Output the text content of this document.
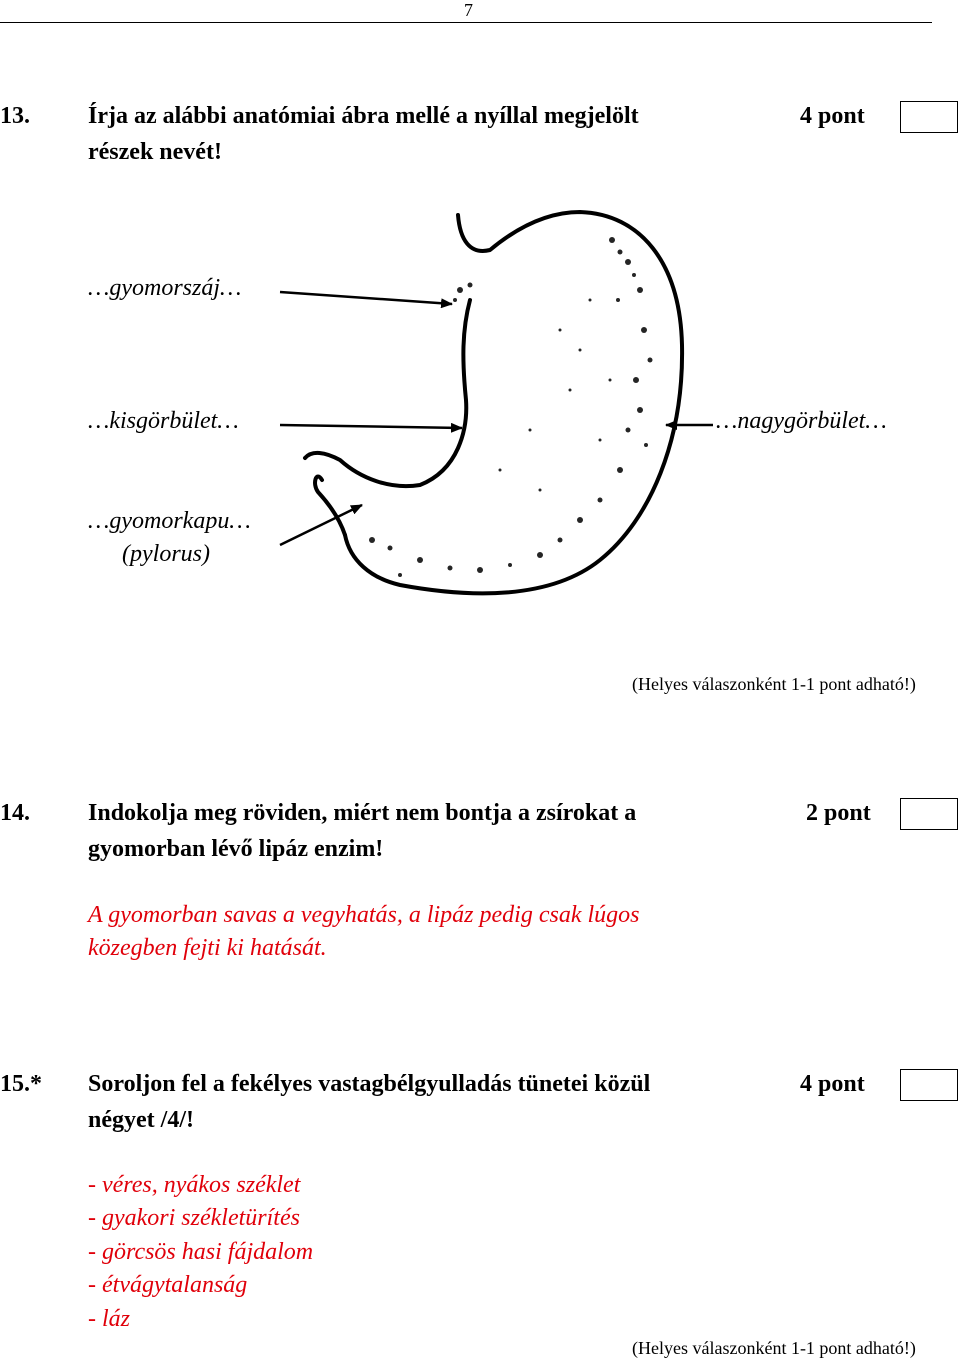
7
13. Írja az alábbi anatómiai ábra mellé a nyíllal megjelölt
részek nevét!
4 pont
…gyomorszáj…
…kisgörbület…	…nagygörbület…
…gyomorkapu…
(pylorus)
(Helyes válaszonként 1-1 pont adható!)
14. Indokolja meg röviden, miért nem bontja a zsírokat a
gyomorban lévő lipáz enzim!
2 pont
A gyomorban savas a vegyhatás, a lipáz pedig csak lúgos
közegben fejti ki hatását.
15.* Soroljon fel a fekélyes vastagbélgyulladás tünetei közül
négyet /4/!
4 pont
- véres, nyákos széklet
- gyakori székletürítés
- görcsös hasi fájdalom
- étvágytalanság
- láz
(Helyes válaszonként 1-1 pont adható!)
